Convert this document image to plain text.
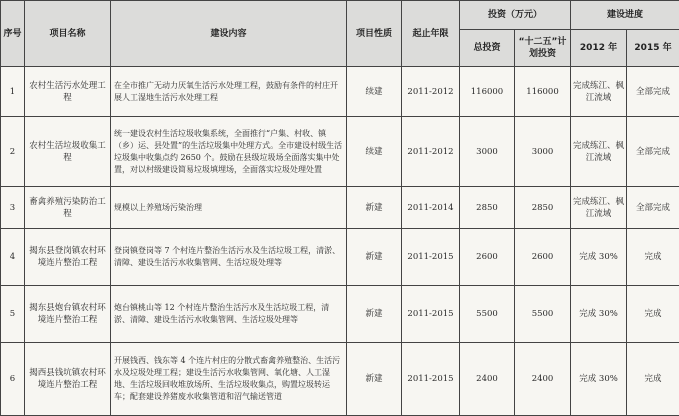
序号	项目名称	建设内容	项目性质	起止年限	投资（万元）		建设进度	
					总投资	“十二五”计划投资	2012 年	2015 年
1	农村生活污水处理工程	在全市推广无动力厌氧生活污水处理工程，鼓励有条件的村庄开展人工湿地生活污水处理工程	续建	2011-2012	116000	116000	完成练江、枫江流域	全部完成
2	农村生活垃圾收集工程	统一建设农村生活垃圾收集系统，全面推行“户集、村收、镇（乡）运、县处置”的生活垃圾集中处理方式。全市建设村级生活垃圾集中收集点约 2650 个。鼓励在县级垃圾场全面落实集中处置，对以村级建设简易垃圾填埋场，全面落实垃圾处理处置	续建	2011-2012	3000	3000	完成练江、枫江流域	全部完成
3	畜禽养殖污染防治工程	规模以上养殖场污染治理	新建	2011-2014	2850	2850	完成练江、枫江流域	全部完成
4	揭东县登岗镇农村环境连片整治工程	登岗镇登岗等 7 个村连片整治生活污水及生活垃圾工程，清淤、清障、建设生活污水收集管网、生活垃圾处理等	新建	2011-2015	2600	2600	完成 30%	完成
5	揭东县炮台镇农村环境连片整治工程	炮台镇桃山等 12 个村连片整治生活污水及生活垃圾工程，清淤、清障、建设生活污水收集管网、生活垃圾处理等	新建	2011-2015	5500	5500	完成 30%	完成
6	揭西县钱坑镇农村环境连片整治工程	开展钱西、钱东等 4 个连片村庄的分散式畜禽养殖整治、生活污水及垃圾处理工程；建设生活污水收集管网、氧化塘、人工湿地、生活垃圾回收堆放场所、生活垃圾收集点，购置垃圾转运车；配套建设养猪废水收集管道和沼气输送管道	新建	2011-2015	2400	2400	完成 30%	完成
